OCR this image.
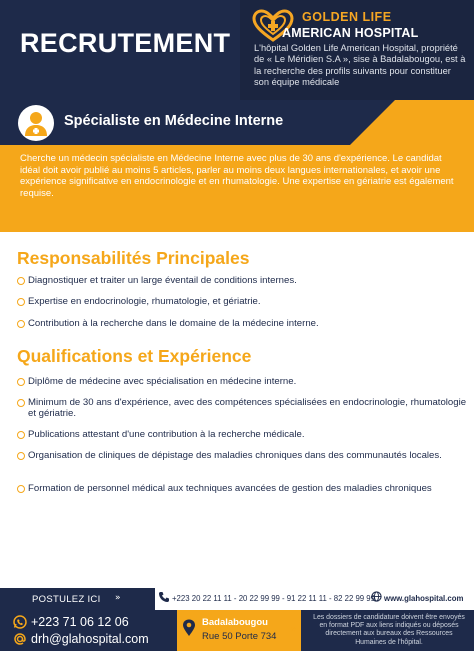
RECRUTEMENT
GOLDEN LIFE
AMERICAN HOSPITAL
L'hôpital Golden Life American Hospital, propriété de « Le Méridien S.A », sise à Badalabougou, est à la recherche des profils suivants pour constituer son équipe médicale
Spécialiste en Médecine Interne
Cherche un médecin spécialiste en Médecine Interne avec plus de 30 ans d'expérience. Le candidat idéal doit avoir publié au moins 5 articles, parler au moins deux langues internationales, et avoir une expérience significative en endocrinologie et en rhumatologie. Une expertise en gériatrie est également requise.
Responsabilités Principales
Diagnostiquer et traiter un large éventail de conditions internes.
Expertise en endocrinologie, rhumatologie, et gériatrie.
Contribution à la recherche dans le domaine de la médecine interne.
Qualifications et Expérience
Diplôme de médecine avec spécialisation en médecine interne.
Minimum de 30 ans d'expérience, avec des compétences spécialisées en endocrinologie, rhumatologie et gériatrie.
Publications attestant d'une contribution à la recherche médicale.
Organisation de cliniques de dépistage des maladies chroniques dans des communautés locales.
Formation de personnel médical aux techniques avancées de gestion des maladies chroniques
POSTULEZ ICI »	+223 20 22 11 11 - 20 22 99 99 - 91 22 11 11 - 82 22 99 99 www.glahospital.com
+223 71 06 12 06
drh@glahospital.com
Badalabougou
Rue 50 Porte 734
»
Les dossiers de candidature doivent être envoyés en format PDF aux liens indiqués ou déposés directement aux bureaux des Ressources Humaines de l'hôpital.
